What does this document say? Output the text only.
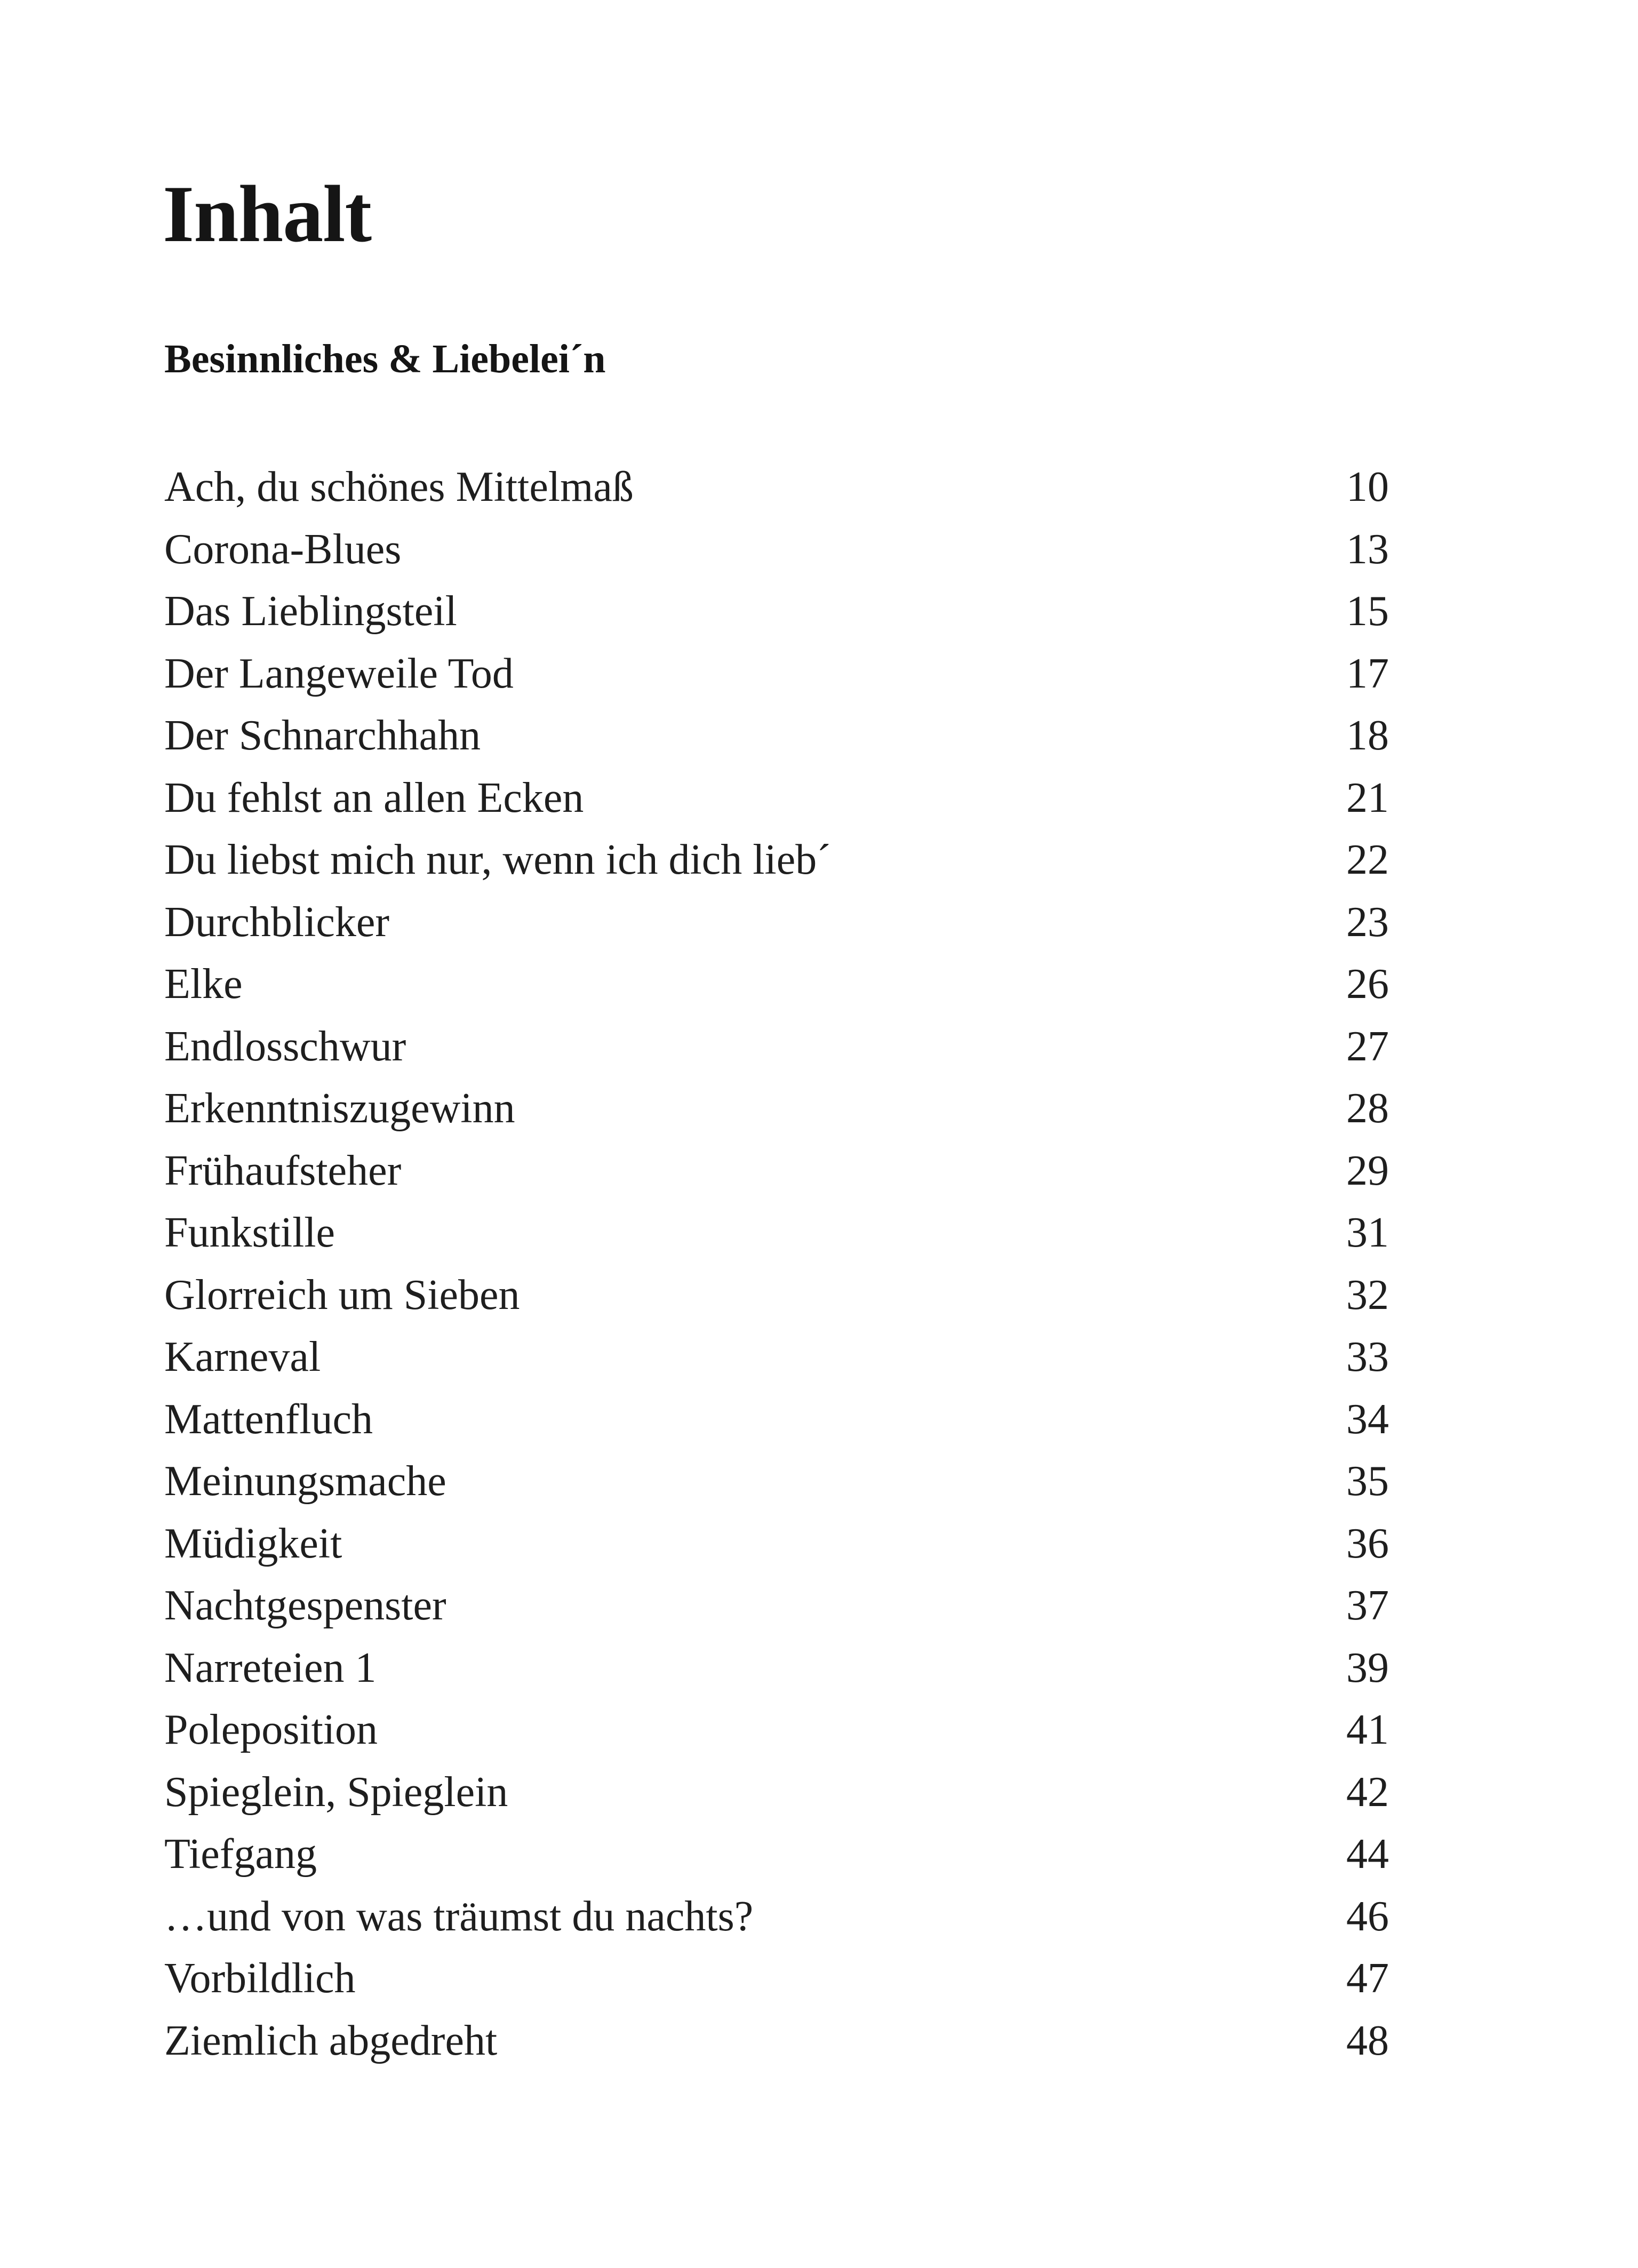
Inhalt
Besinnliches & Liebelei´n
Ach, du schönes Mittelmaß	10
Corona-Blues	13
Das Lieblingsteil	15
Der Langeweile Tod	17
Der Schnarchhahn	18
Du fehlst an allen Ecken	21
Du liebst mich nur, wenn ich dich lieb´	22
Durchblicker	23
Elke	26
Endlosschwur	27
Erkenntniszugewinn	28
Frühaufsteher	29
Funkstille	31
Glorreich um Sieben	32
Karneval	33
Mattenfluch	34
Meinungsmache	35
Müdigkeit	36
Nachtgespenster	37
Narreteien 1	39
Poleposition	41
Spieglein, Spieglein	42
Tiefgang	44
…und von was träumst du nachts?	46
Vorbildlich	47
Ziemlich abgedreht	48
